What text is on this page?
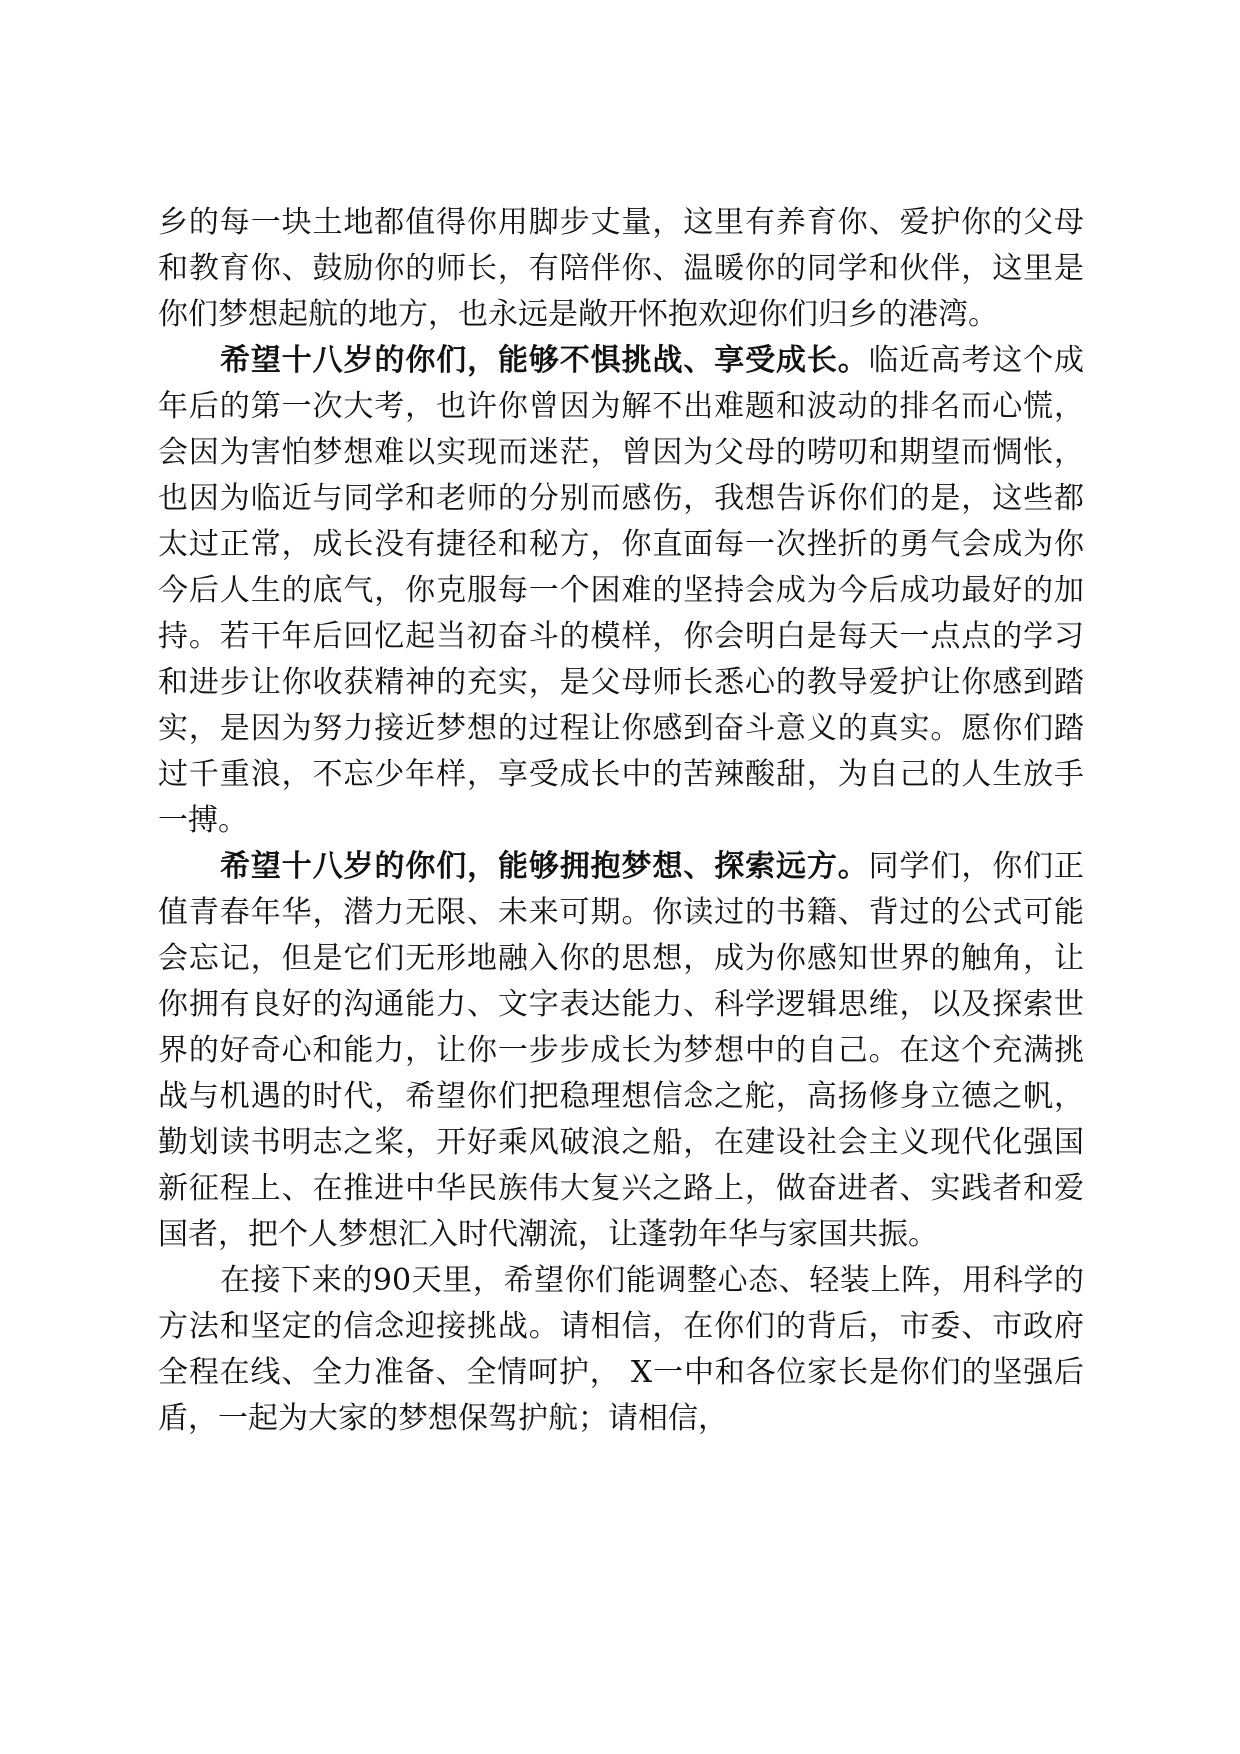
乡的每一块土地都值得你用脚步丈量，这里有养育你、爱护你的父母和教育你、鼓励你的师长，有陪伴你、温暖你的同学和伙伴，这里是你们梦想起航的地方，也永远是敞开怀抱欢迎你们归乡的港湾。

希望十八岁的你们，能够不惧挑战、享受成长。临近高考这个成年后的第一次大考，也许你曾因为解不出难题和波动的排名而心慌，会因为害怕梦想难以实现而迷茫，曾因为父母的唠叨和期望而惆怅，也因为临近与同学和老师的分别而感伤，我想告诉你们的是，这些都太过正常，成长没有捷径和秘方，你直面每一次挫折的勇气会成为你今后人生的底气，你克服每一个困难的坚持会成为今后成功最好的加持。若干年后回忆起当初奋斗的模样，你会明白是每天一点点的学习和进步让你收获精神的充实，是父母师长悉心的教导爱护让你感到踏实，是因为努力接近梦想的过程让你感到奋斗意义的真实。愿你们踏过千重浪，不忘少年样，享受成长中的苦辣酸甜，为自己的人生放手一搏。

希望十八岁的你们，能够拥抱梦想、探索远方。同学们，你们正值青春年华，潜力无限、未来可期。你读过的书籍、背过的公式可能会忘记，但是它们无形地融入你的思想，成为你感知世界的触角，让你拥有良好的沟通能力、文字表达能力、科学逻辑思维，以及探索世界的好奇心和能力，让你一步步成长为梦想中的自己。在这个充满挑战与机遇的时代，希望你们把稳理想信念之舵，高扬修身立德之帆，勤划读书明志之桨，开好乘风破浪之船，在建设社会主义现代化强国新征程上、在推进中华民族伟大复兴之路上，做奋进者、实践者和爱国者，把个人梦想汇入时代潮流，让蓬勃年华与家国共振。

在接下来的90天里，希望你们能调整心态、轻装上阵，用科学的方法和坚定的信念迎接挑战。请相信，在你们的背后，市委、市政府全程在线、全力准备、全情呵护， X一中和各位家长是你们的坚强后盾，一起为大家的梦想保驾护航；请相信，
